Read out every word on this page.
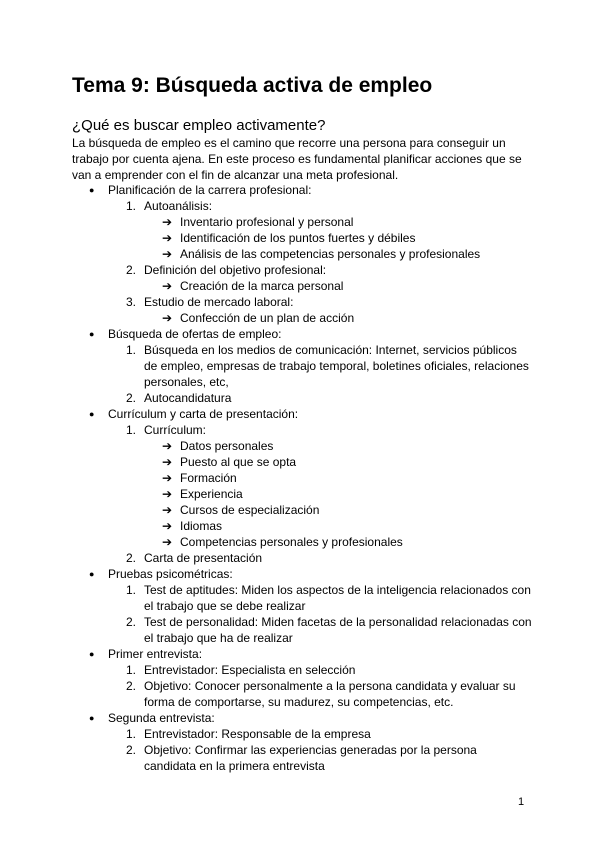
Tema 9: Búsqueda activa de empleo
¿Qué es buscar empleo activamente?

La búsqueda de empleo es el camino que recorre una persona para conseguir un trabajo por cuenta ajena. En este proceso es fundamental planificar acciones que se van a emprender con el fin de alcanzar una meta profesional.

● Planificación de la carrera profesional:
1. Autoanálisis:
➔ Inventario profesional y personal
➔ Identificación de los puntos fuertes y débiles
➔ Análisis de las competencias personales y profesionales
2. Definición del objetivo profesional:
➔ Creación de la marca personal
3. Estudio de mercado laboral:
➔ Confección de un plan de acción
● Búsqueda de ofertas de empleo:
1. Búsqueda en los medios de comunicación: Internet, servicios públicos de empleo, empresas de trabajo temporal, boletines oficiales, relaciones personales, etc,
2. Autocandidatura
● Currículum y carta de presentación:
1. Currículum:
➔ Datos personales
➔ Puesto al que se opta
➔ Formación
➔ Experiencia
➔ Cursos de especialización
➔ Idiomas
➔ Competencias personales y profesionales
2. Carta de presentación
● Pruebas psicométricas:
1. Test de aptitudes: Miden los aspectos de la inteligencia relacionados con el trabajo que se debe realizar
2. Test de personalidad: Miden facetas de la personalidad relacionadas con el trabajo que ha de realizar
● Primer entrevista:
1. Entrevistador: Especialista en selección
2. Objetivo: Conocer personalmente a la persona candidata y evaluar su forma de comportarse, su madurez, su competencias, etc.
● Segunda entrevista:
1. Entrevistador: Responsable de la empresa
2. Objetivo: Confirmar las experiencias generadas por la persona candidata en la primera entrevista
1
